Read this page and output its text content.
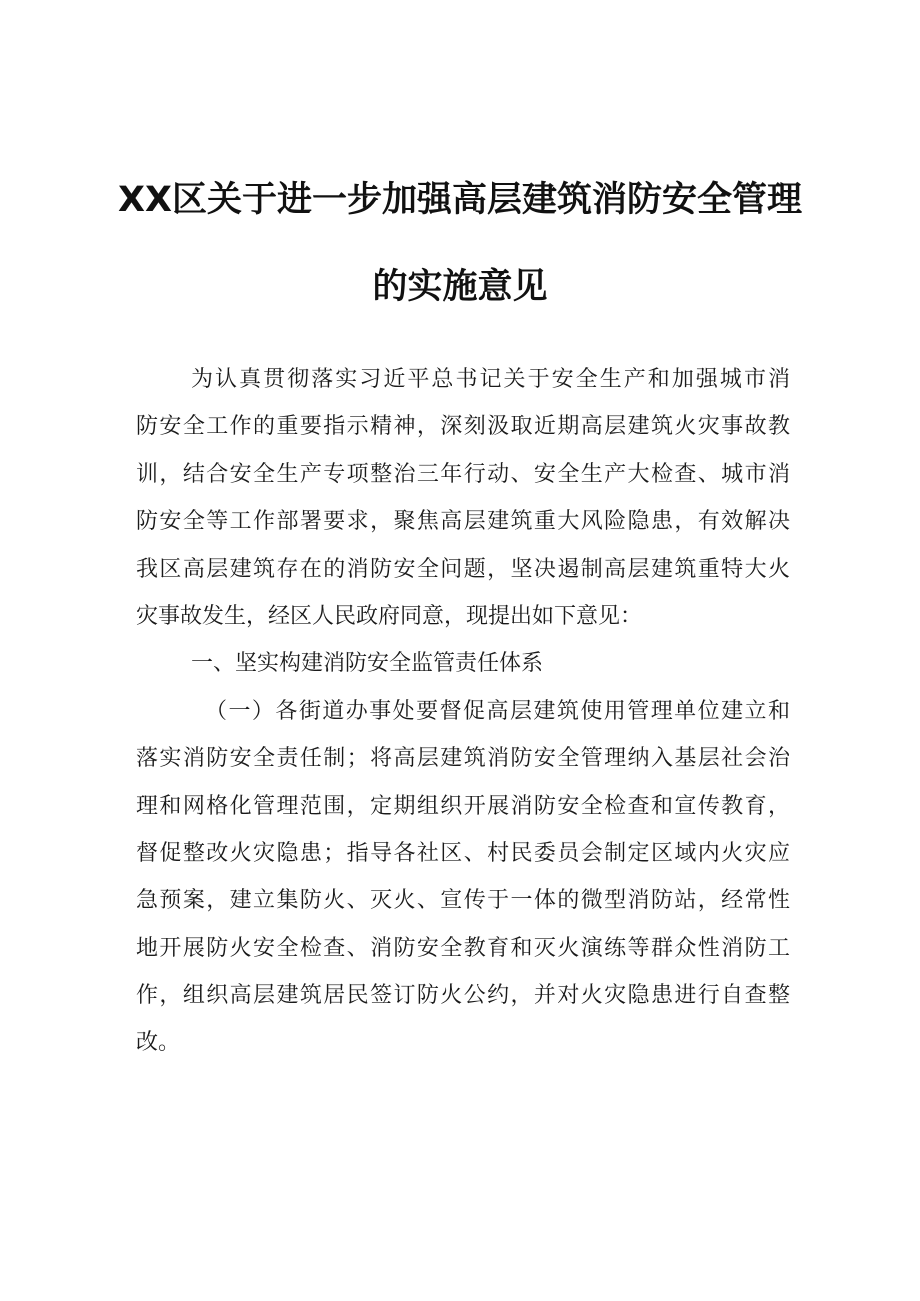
XX区关于进一步加强高层建筑消防安全管理
的实施意见
为认真贯彻落实习近平总书记关于安全生产和加强城市消
防安全工作的重要指示精神，深刻汲取近期高层建筑火灾事故教
训，结合安全生产专项整治三年行动、安全生产大检查、城市消
防安全等工作部署要求，聚焦高层建筑重大风险隐患，有效解决
我区高层建筑存在的消防安全问题，坚决遏制高层建筑重特大火
灾事故发生，经区人民政府同意，现提出如下意见：
一、坚实构建消防安全监管责任体系
（一）各街道办事处要督促高层建筑使用管理单位建立和
落实消防安全责任制；将高层建筑消防安全管理纳入基层社会治
理和网格化管理范围，定期组织开展消防安全检查和宣传教育，
督促整改火灾隐患；指导各社区、村民委员会制定区域内火灾应
急预案，建立集防火、灭火、宣传于一体的微型消防站，经常性
地开展防火安全检查、消防安全教育和灭火演练等群众性消防工
作，组织高层建筑居民签订防火公约，并对火灾隐患进行自查整
改。
